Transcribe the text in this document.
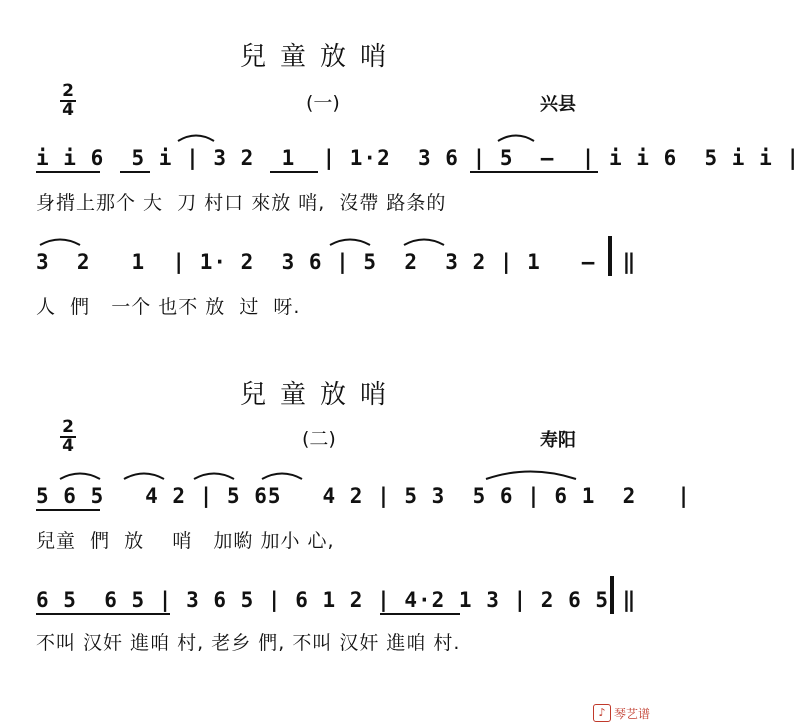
兒童放哨
2
4	(一)	兴县
i i 6  5 i | 3 2  1  | 1·2  3 6 | 5  –  | i i 6  5 i i |
身揹上那个 大  刀 村口 來放 哨,  沒帶 路条的
3  2   1  | 1· 2  3 6 | 5  2  3 2 | 1   –  ‖
人  們   一个 也不 放  过  呀.
兒童放哨
2
4	(二)	寿阳
5 6 5   4 2 | 5 65   4 2 | 5 3  5 6 | 6 1  2   |
兒童  們  放    哨   加喲 加小 心,
6 5  6 5 | 3 6 5 | 6 1 2 | 4·2 1 3 | 2 6 5 ‖
不叫 汉奸 進咱 村, 老乡 們, 不叫 汉奸 進咱 村.
♪ 琴艺谱
